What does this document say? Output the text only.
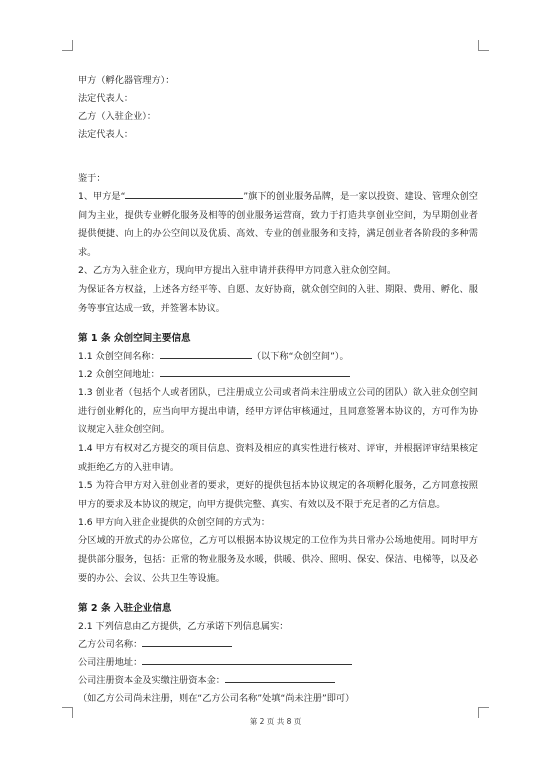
甲方（孵化器管理方）：

法定代表人：

乙方（入驻企业）：

法定代表人：

鉴于：

1、甲方是“	”旗下的创业服务品牌，是一家以投资、建设、管理众创空间为主业，提供专业孵化服务及相等的创业服务运营商，致力于打造共享创业空间，为早期创业者提供便捷、向上的办公空间以及优质、高效、专业的创业服务和支持，满足创业者各阶段的多种需求。

2、乙方为入驻企业方，现向甲方提出入驻申请并获得甲方同意入驻众创空间。

为保证各方权益，上述各方经平等、自愿、友好协商，就众创空间的入驻、期限、费用、孵化、服务等事宜达成一致，并签署本协议。

第 1 条 众创空间主要信息

1.1 众创空间名称：	（以下称“众创空间”）。

1.2 众创空间地址：

1.3 创业者（包括个人或者团队，已注册成立公司或者尚未注册成立公司的团队）欲入驻众创空间进行创业孵化的，应当向甲方提出申请，经甲方评估审核通过，且同意签署本协议的，方可作为协议规定入驻众创空间。

1.4 甲方有权对乙方提交的项目信息、资料及相应的真实性进行核对、评审，并根据评审结果核定或拒绝乙方的入驻申请。

1.5 为符合甲方对入驻创业者的要求，更好的提供包括本协议规定的各项孵化服务，乙方同意按照甲方的要求及本协议的规定，向甲方提供完整、真实、有效以及不限于充足者的乙方信息。

1.6 甲方向入驻企业提供的众创空间的方式为：

分区域的开放式的办公席位，乙方可以根据本协议规定的工位作为共日常办公场地使用。同时甲方提供部分服务，包括：正常的物业服务及水暖，供暖、供冷、照明、保安、保洁、电梯等，以及必要的办公、会议、公共卫生等设施。

第 2 条 入驻企业信息

2.1 下列信息由乙方提供，乙方承诺下列信息属实：

乙方公司名称：

公司注册地址：

公司注册资本金及实缴注册资本金：

（如乙方公司尚未注册，则在“乙方公司名称”处填“尚未注册”即可）

第 2 页 共 8 页
